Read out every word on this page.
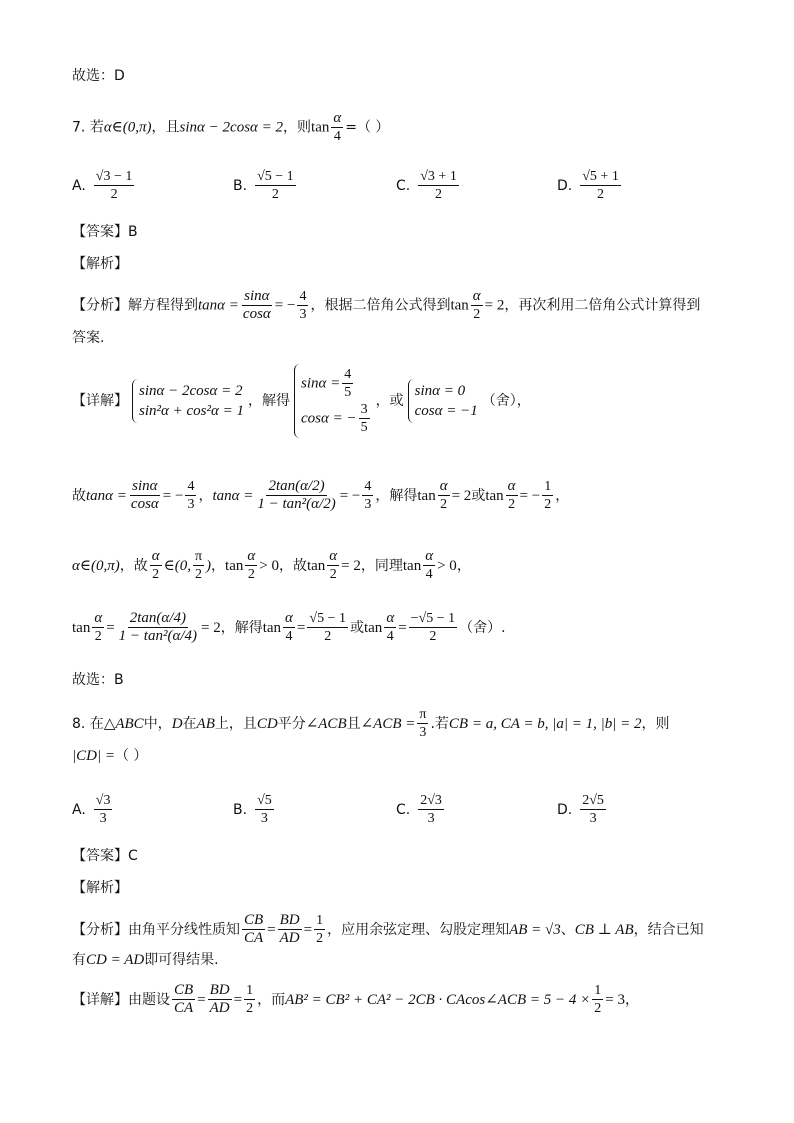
故选：D
7. 若α∈(0,π)，且sinα − 2cosα = 2，则$\tan \frac{\alpha}{4}$ =（ ）
A.
√3 − 1
2
B.
√5 − 1
2
C.
√3 + 1
2
D.
√5 + 1
2
【答案】B
【解析】
【分析】解方程得到$\tan\alpha = \frac{\sin\alpha}{\cos\alpha}$ = − $\frac{4}{3}$ ，根据二倍角公式得到$\tan \frac{\alpha}{2} = 2$，再次利用二倍角公式计算得到
答案.
【详解】
sinα − 2cosα = 2
sin²α + cos²α = 1
，解得
$\sin\alpha = \frac{4}{5}$
cosα = − $\frac{3}{5}$ ，或
sinα = 0
cosα = −1
（舍），
故 $\tan\alpha = \frac{\sin\alpha}{\cos\alpha}$ = − $\frac{4}{3}$ ， $\tan\alpha = \frac{2\tan(\alpha/2)}{\text{1 − tan²(α/2)}}$ = − $\frac{4}{3}$ ，解得 $\tan \frac{\alpha}{2} = 2$ 或 $\tan \frac{\alpha}{2}$ = − $\frac{1}{2}$ ，
α∈(0,π) ，故
α
2
∈(0,
π
2
) ， tan
α
2
> 0 ，故 $\tan \frac{\alpha}{2} = 2$ ，同理 tan
α
4
> 0 ，
$\tan \frac{\alpha}{2} = \frac{2\tan(\alpha/4)}{\text{1 − tan²(α/4)}} = 2$ ，解得 $\tan \frac{\alpha}{4} = \frac{√5 - 1}{2}$ 或 $\tan \frac{\alpha}{4} = \frac{-√5 - 1}{2}$ （舍）.
故选：B
8.
在 △ABC 中， D 在 AB 上，且 CD 平分 ∠ACB 且 ∠ACB = $\frac{\pi}{3}$ .若 CB = a, CA = b, |a| = 1, |b| = 2 ，则
|CD| =（ ）
A.
√3
3
B.
√5
3
C.
2√3
3
D.
2√5
3
【答案】C
【解析】
【分析】 由角平分线性质知 $\frac{CB}{CA} = \frac{BD}{AD} = \frac{1}{2}$ ，应用余弦定理、勾股定理知 AB = √3 、 CB ⊥ AB ，结合已知
有CD = AD即可得结果.
【详解】 由题设 $\frac{CB}{CA} = \frac{BD}{AD} = \frac{1}{2}$ ，而 AB² = CB² + CA² − 2CB · CAcos∠ACB = $5 - 4 \times \frac{1}{2} = 3$ ，
